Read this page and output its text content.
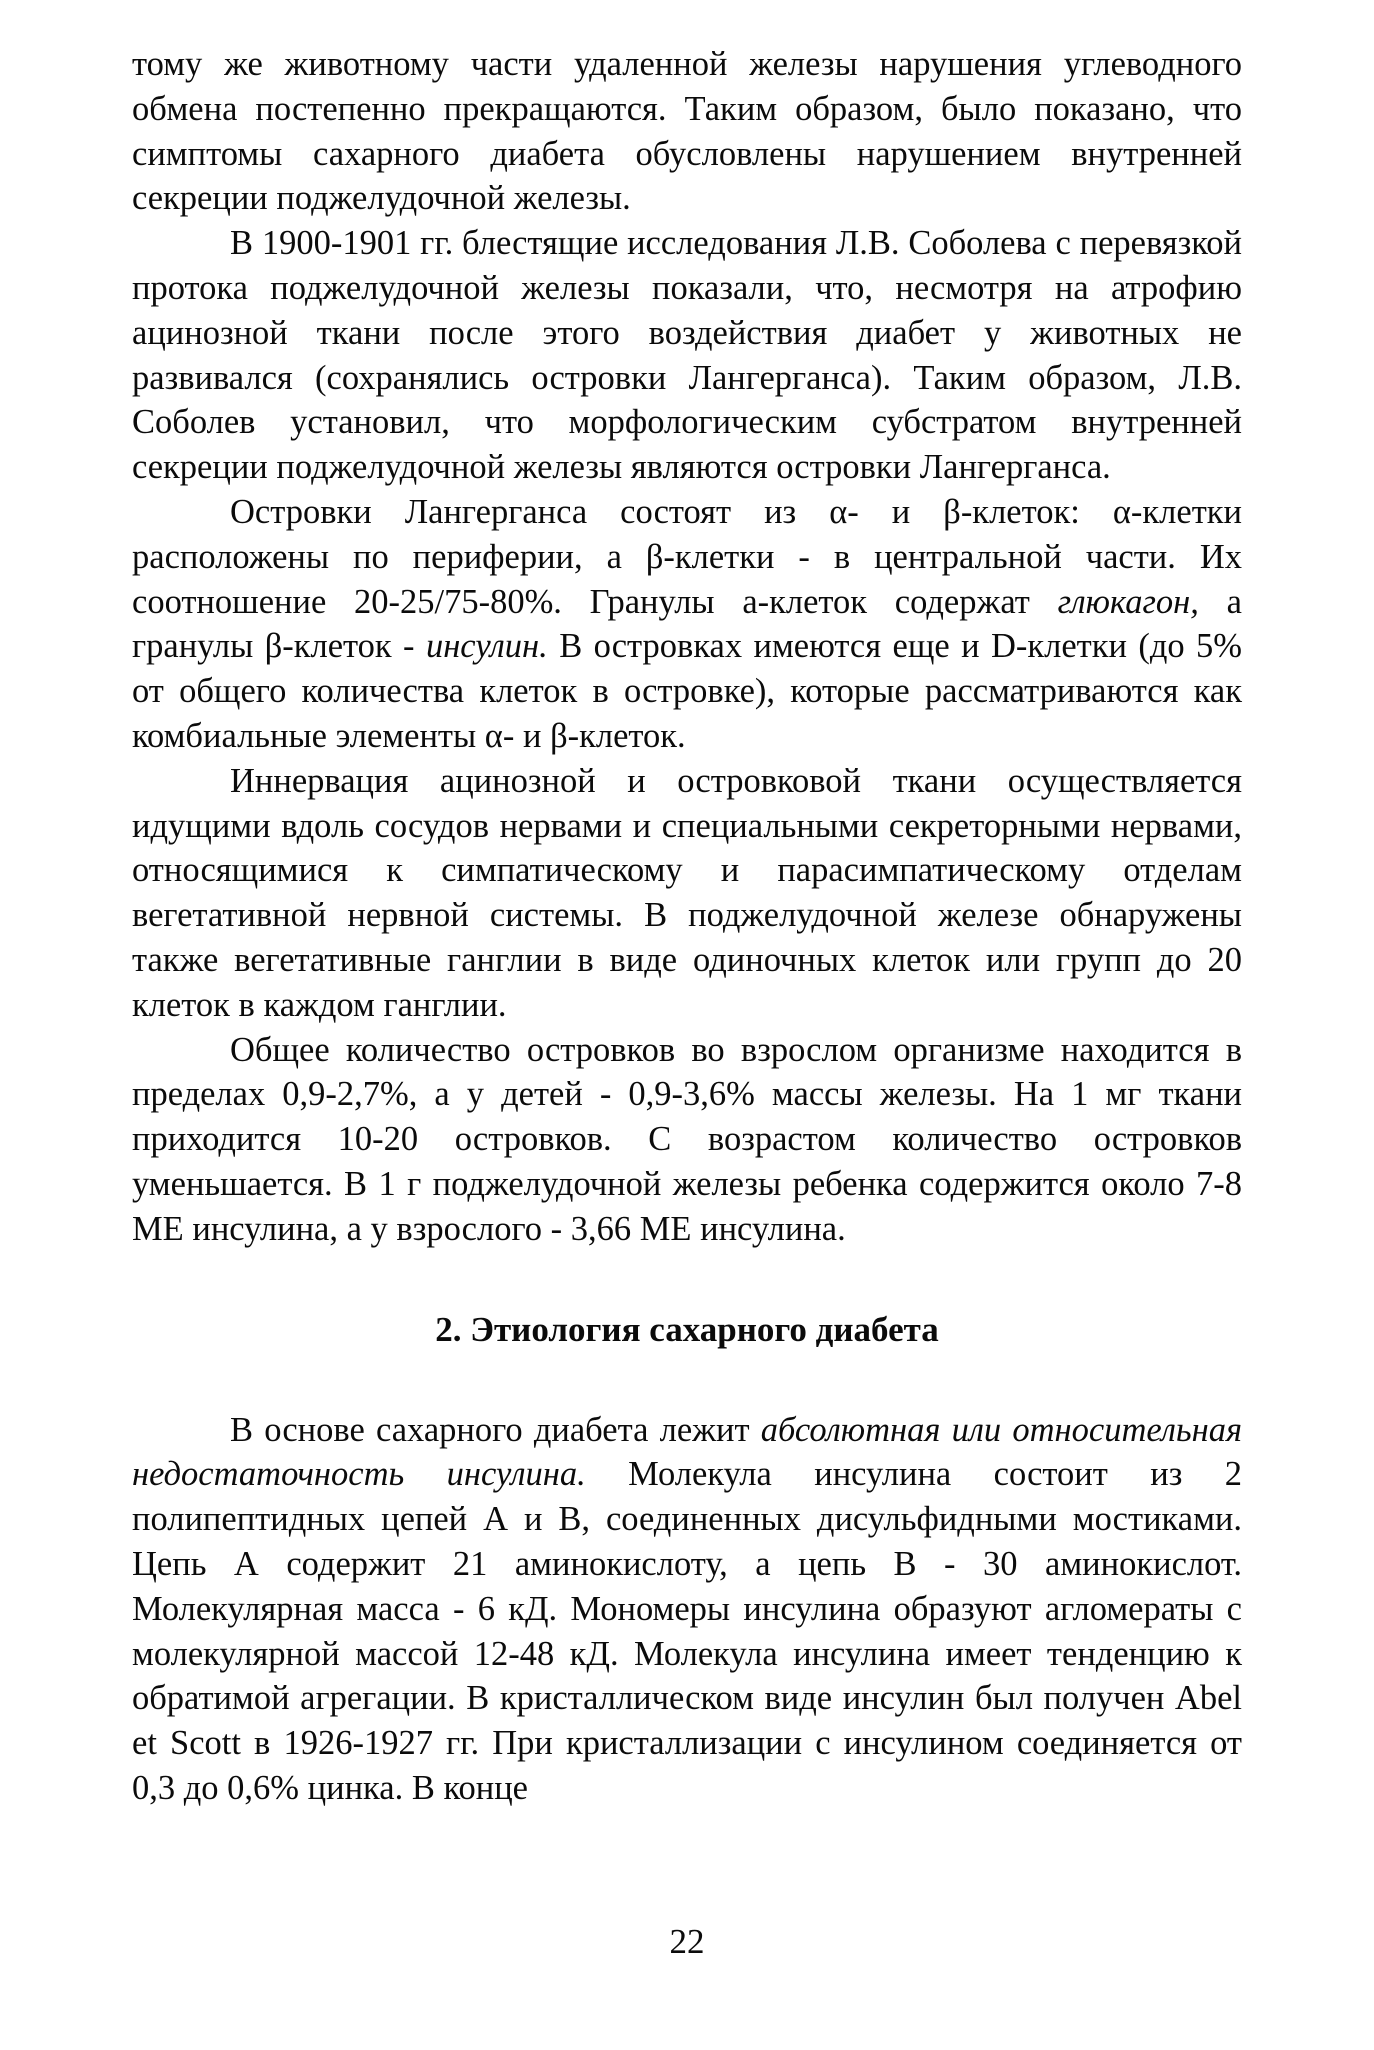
тому же животному части удаленной железы нарушения углеводного обмена постепенно прекращаются. Таким образом, было показано, что симптомы сахарного диабета обусловлены нарушением внутренней секреции поджелудочной железы.

В 1900-1901 гг. блестящие исследования Л.В. Соболева с перевязкой протока поджелудочной железы показали, что, несмотря на атрофию ацинозной ткани после этого воздействия диабет у животных не развивался (сохранялись островки Лангерганса). Таким образом, Л.В. Соболев установил, что морфологическим субстратом внутренней секреции поджелудочной железы являются островки Лангерганса.

Островки Лангерганса состоят из α- и β-клеток: α-клетки расположены по периферии, а β-клетки - в центральной части. Их соотношение 20-25/75-80%. Гранулы a-клеток содержат глюкагон, а гранулы β-клеток - инсулин. В островках имеются еще и D-клетки (до 5% от общего количества клеток в островке), которые рассматриваются как комбиальные элементы α- и β-клеток.

Иннервация ацинозной и островковой ткани осуществляется идущими вдоль сосудов нервами и специальными секреторными нервами, относящимися к симпатическому и парасимпатическому отделам вегетативной нервной системы. В поджелудочной железе обнаружены также вегетативные ганглии в виде одиночных клеток или групп до 20 клеток в каждом ганглии.

Общее количество островков во взрослом организме находится в пределах 0,9-2,7%, а у детей - 0,9-3,6% массы железы. На 1 мг ткани приходится 10-20 островков. С возрастом количество островков уменьшается. В 1 г поджелудочной железы ребенка содержится около 7-8 МЕ инсулина, а у взрослого - 3,66 МЕ инсулина.

2. Этиология сахарного диабета

В основе сахарного диабета лежит абсолютная или относительная недостаточность инсулина. Молекула инсулина состоит из 2 полипептидных цепей А и В, соединенных дисульфидными мостиками. Цепь А содержит 21 аминокислоту, а цепь В - 30 аминокислот. Молекулярная масса - 6 кД. Мономеры инсулина образуют агломераты с молекулярной массой 12-48 кД. Молекула инсулина имеет тенденцию к обратимой агрегации. В кристаллическом виде инсулин был получен Abel et Scott в 1926-1927 гг. При кристаллизации с инсулином соединяется от 0,3 до 0,6% цинка. В конце

22
